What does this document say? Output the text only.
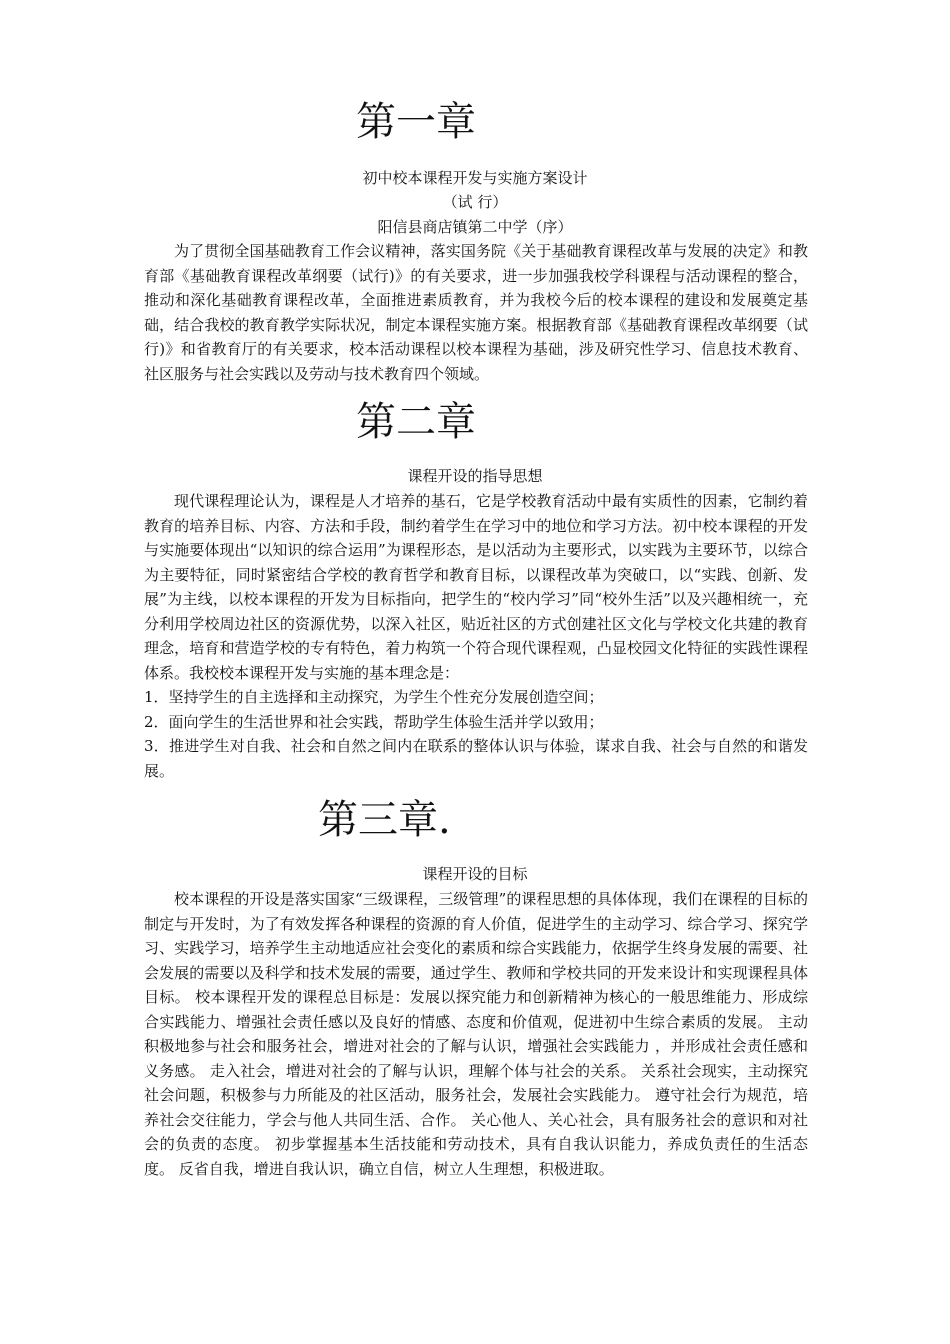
第一章
初中校本课程开发与实施方案设计
（试 行）
阳信县商店镇第二中学（序）

为了贯彻全国基础教育工作会议精神，落实国务院《关于基础教育课程改革与发展的决定》和教育部《基础教育课程改革纲要（试行)》的有关要求，进一步加强我校学科课程与活动课程的整合，推动和深化基础教育课程改革，全面推进素质教育，并为我校今后的校本课程的建设和发展奠定基础，结合我校的教育教学实际状况，制定本课程实施方案。根据教育部《基础教育课程改革纲要（试行)》和省教育厅的有关要求，校本活动课程以校本课程为基础，涉及研究性学习、信息技术教育、社区服务与社会实践以及劳动与技术教育四个领域。

第二章
课程开设的指导思想

现代课程理论认为，课程是人才培养的基石，它是学校教育活动中最有实质性的因素，它制约着教育的培养目标、内容、方法和手段，制约着学生在学习中的地位和学习方法。初中校本课程的开发与实施要体现出“以知识的综合运用”为课程形态，是以活动为主要形式，以实践为主要环节，以综合为主要特征，同时紧密结合学校的教育哲学和教育目标，以课程改革为突破口，以“实践、创新、发展”为主线，以校本课程的开发为目标指向，把学生的“校内学习”同“校外生活”以及兴趣相统一，充分利用学校周边社区的资源优势，以深入社区，贴近社区的方式创建社区文化与学校文化共建的教育理念，培育和营造学校的专有特色，着力构筑一个符合现代课程观，凸显校园文化特征的实践性课程体系。我校校本课程开发与实施的基本理念是：

1．坚持学生的自主选择和主动探究，为学生个性充分发展创造空间；

2．面向学生的生活世界和社会实践，帮助学生体验生活并学以致用；

3．推进学生对自我、社会和自然之间内在联系的整体认识与体验，谋求自我、社会与自然的和谐发展。

第三章.
课程开设的目标

校本课程的开设是落实国家“三级课程，三级管理”的课程思想的具体体现，我们在课程的目标的制定与开发时，为了有效发挥各种课程的资源的育人价值，促进学生的主动学习、综合学习、探究学习、实践学习，培养学生主动地适应社会变化的素质和综合实践能力，依据学生终身发展的需要、社会发展的需要以及科学和技术发展的需要，通过学生、教师和学校共同的开发来设计和实现课程具体目标。 校本课程开发的课程总目标是：发展以探究能力和创新精神为核心的一般思维能力、形成综合实践能力、增强社会责任感以及良好的情感、态度和价值观，促进初中生综合素质的发展。 主动积极地参与社会和服务社会，增进对社会的了解与认识，增强社会实践能力 ，并形成社会责任感和义务感。 走入社会，增进对社会的了解与认识，理解个体与社会的关系。 关系社会现实，主动探究社会问题，积极参与力所能及的社区活动，服务社会，发展社会实践能力。 遵守社会行为规范，培养社会交往能力，学会与他人共同生活、合作。 关心他人、关心社会，具有服务社会的意识和对社会的负责的态度。 初步掌握基本生活技能和劳动技术，具有自我认识能力，养成负责任的生活态度。 反省自我，增进自我认识，确立自信，树立人生理想，积极进取。
